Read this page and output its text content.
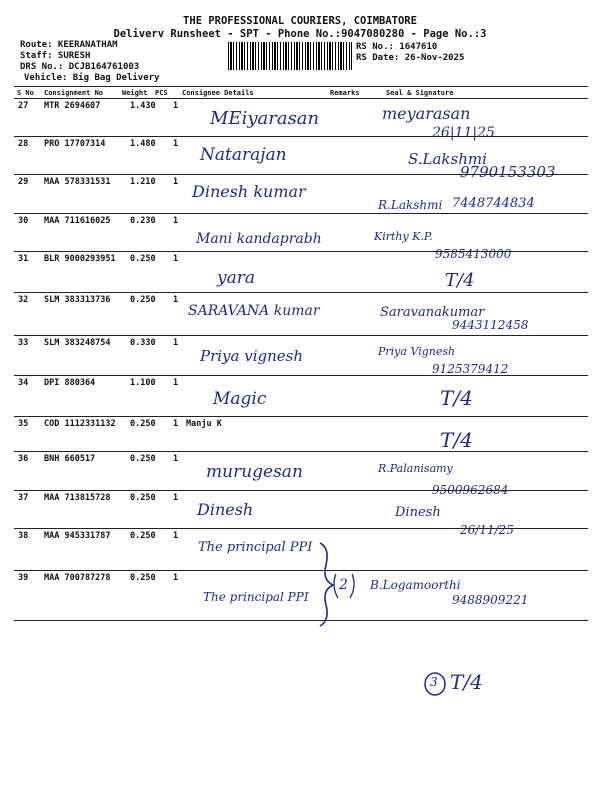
THE PROFESSIONAL COURIERS, COIMBATORE
Deliverv Runsheet - SPT - Phone No.:9047080280 - Page No.:3
Route: KEERANATHAM
Staff: SURESH
DRS No.: DCJB164761003
Vehicle: Big Bag Delivery
RS No.: 1647610
RS Date: 26-Nov-2025
S No Consignment No	Weight PCS Consignee Details	Remarks	Seal & Signature
27 MTR 2694607	1.430 1
MEiyarasan	meyarasan
26|11|25
28 PRO 17707314	1.480 1
Natarajan	S.Lakshmi
9790153303
29 MAA 578331531 1.210 1 Dinesh kumar
R.Lakshmi 7448744834
30 MAA 711616025 0.230 1
Mani kandaprabh	Kirthy K.P.
9585413000
31 BLR 9000293951 0.250 1
yara	T/4
32 SLM 383313736 0.250 1
SARAVANA kumar	Saravanakumar
9443112458
33 SLM 383248754 0.330 1
Priya vignesh	Priya Vignesh
9125379412
34 DPI 880364	1.100 1
Magic	T/4
35 COD 1112331132 0.250 1 Manju K
T/4
36 BNH 660517	0.250 1
murugesan	R.Palanisamy
9500962684
37 MAA 713815728 0.250 1
Dinesh	Dinesh
26/11/25
38 MAA 945331787 0.250 1
The principal PPI
39 MAA 700787278 0.250 1
The principal PPI
B.Logamoorthi
9488909221
2
3 T/4
